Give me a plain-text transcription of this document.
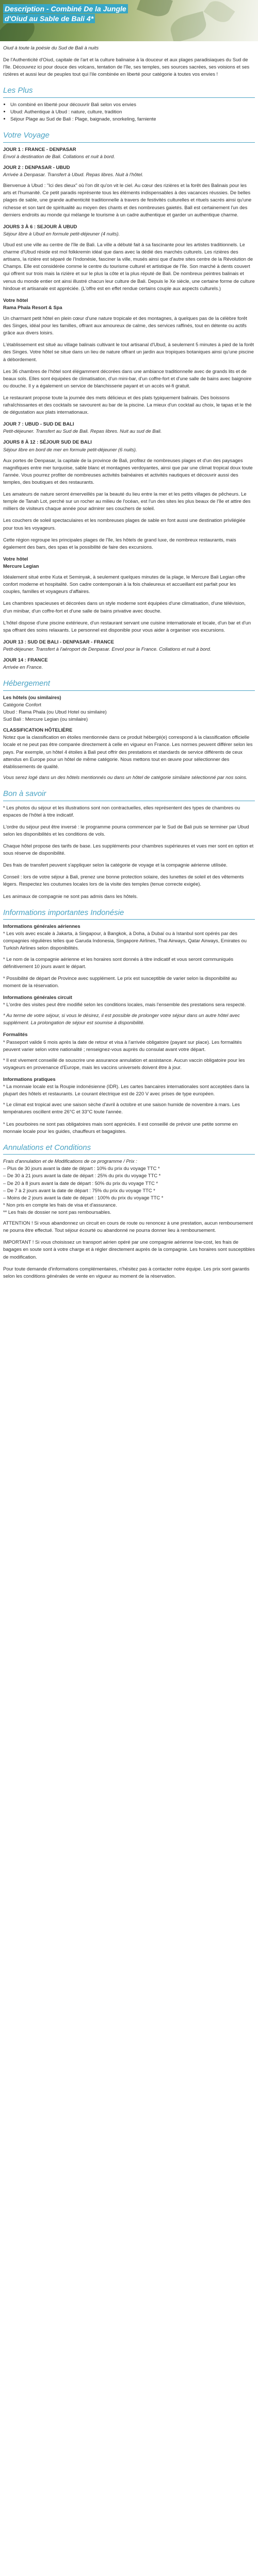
Description - Combiné De la Jungle d'Oiud au Sable de Bali 4*

Oiud à toute la poésie du Sud de Bali à nuits

De l'Authenticité d'Oiud, capitale de l'art et la culture balinaise à la douceur et aux plages paradisiaques du Sud de l'île. Découvrez ici pour douce des volcans, tentation de l'île, ses temples, ses sources sacrées, ses voisions et ses rizières et aussi leur de peuples tout qui l'ile combinée en liberté pour catégorie à toutes vos envies !

Les Plus
• Un combiné en liberté pour découvrir Bali selon vos envies
• Ubud: Authentique à Ubud : nature, culture, tradition
• Séjour Plage au Sud de Bali : Plage, baignade, snorkeling, farniente
Votre Voyage
JOUR 1 : FRANCE - DENPASAR
Envol à destination de Bali. Collations et nuit à bord.
JOUR 2 : DENPASAR - UBUD
Arrivée à Denpasar. Transfert à Ubud. Repas libres. Nuit à l'hôtel.

Bienvenue à Ubud : "Ici des dieux" où l'on dit qu'on vit le ciel. Au cœur des rizières et la forêt des Balinais pour les arts et l'humanité. Ce petit paradis représente tous les éléments indispensables à des vacances réussies. De belles plages de sable, une grande authenticité traditionnelle à travers de festivités culturelles et rituels sacrés ainsi qu'une richesse et son tant de spiritualité au moyen des chants et des nombreuses gaietés. Ball est certainement l'un des derniers endroits au monde qui mélange le tourisme à un cadre authentique et garder un authentique charme.

JOURS 3 À 6 : SEJOUR À UBUD
Séjour libre à Ubud en formule petit-déjeuner (4 nuits).

Ubud est une ville au centre de l'île de Bali. La ville a débuté fait à sa fascinante pour les artistes traditionnels. Le charme d'Ubud réside est mol folkkremin idéal que dans avec la dédié des marchés culturels. Les rizières des artisans, la rizière est séparé de l'Indonésie, fasciner la ville, musés ainsi que d'autre sites centre de la Révolution de Champs. Elle est considérée comme le centre du tourisme culturel et artistique de l'île. Son marché à dents couvert qui offrent sur trois mais la rizière et sur le plus la côte et la plus réputé de Bali. De nombreux peintres balinais et venus du monde entier ont ainsi illustré chacun leur culture de Bali. Depuis le Xe siècle, une certaine forme de culture hindoue et artisanale est appréciée. (L'offre est en effet rendue certains couple aux aspects culturels.)

Votre hôtel
Rama Phala Resort & Spa

Un charmant petit hôtel en plein cœur d'une nature tropicale et des montagnes, à quelques pas de la célèbre forêt des Singes, idéal pour les familles, offrant aux amoureux de calme, des services raffinés, tout en détente ou actifs grâce aux divers loisirs.

L'établissement est situé au village balinais cultivant le tout artisanal d'Ubud, à seulement 5 minutes à pied de la forêt des Singes. Votre hôtel se situe dans un lieu de nature offrant un jardin aux tropiques botaniques ainsi qu'une piscine à débordement.

Les 36 chambres de l'hôtel sont élégamment décorées dans une ambiance traditionnelle avec de grands lits et de beaux sols. Elles sont équipées de climatisation, d'un mini-bar, d'un coffre-fort et d'une salle de bains avec baignoire ou douche. Il y a également un service de blanchisserie payant et un accès wi-fi gratuit.

Le restaurant propose toute la journée des mets délicieux et des plats typiquement balinais. Des boissons rafraîchissantes et des cocktails se savourent au bar de la piscine. La mieux d'un cocktail au choix, le tapas et le thé de dégustation aux plats internationaux.

JOUR 7 : UBUD - SUD DE BALI
Petit-déjeuner. Transfert au Sud de Bali. Repas libres. Nuit au sud de Bali.
JOURS 8 À 12 : SÉJOUR SUD DE BALI
Séjour libre en bord de mer en formule petit-déjeuner (6 nuits).

Aux portes de Denpasar, la capitale de la province de Bali, profitez de nombreuses plages et d'un des paysages magnifiques entre mer turquoise, sable blanc et montagnes verdoyantes, ainsi que par une climat tropical doux toute l'année. Vous pourrez profiter de nombreuses activités balnéaires et activités nautiques et découvrir aussi des temples, des boutiques et des restaurants.

Les amateurs de nature seront émerveillés par la beauté du lieu entre la mer et les petits villages de pêcheurs. Le temple de Tanah Lot, perché sur un rocher au milieu de l'océan, est l'un des sites les plus beaux de l'île et attire des milliers de visiteurs chaque année pour admirer ses couchers de soleil.

Les couchers de soleil spectaculaires et les nombreuses plages de sable en font aussi une destination privilégiée pour tous les voyageurs.

Cette région regroupe les principales plages de l'île, les hôtels de grand luxe, de nombreux restaurants, mais également des bars, des spas et la possibilité de faire des excursions.

Votre hôtel
Mercure Legian

Idéalement situé entre Kuta et Seminyak, à seulement quelques minutes de la plage, le Mercure Bali Legian offre confort moderne et hospitalité. Son cadre contemporain à la fois chaleureux et accueillant est parfait pour les couples, familles et voyageurs d'affaires.

Les chambres spacieuses et décorées dans un style moderne sont équipées d'une climatisation, d'une télévision, d'un minibar, d'un coffre-fort et d'une salle de bains privative avec douche.

L'hôtel dispose d'une piscine extérieure, d'un restaurant servant une cuisine internationale et locale, d'un bar et d'un spa offrant des soins relaxants. Le personnel est disponible pour vous aider à organiser vos excursions.

JOUR 13 : SUD DE BALI - DENPASAR - FRANCE
Petit-déjeuner. Transfert à l'aéroport de Denpasar. Envol pour la France. Collations et nuit à bord.
JOUR 14 : FRANCE
Arrivée en France.
Hébergement
Les hôtels (ou similaires)
Catégorie Confort
Ubud : Rama Phala (ou Ubud Hotel ou similaire)
Sud Bali : Mercure Legian (ou similaire)
CLASSIFICATION HÔTELIÈRE
Notez que la classification en étoiles mentionnée dans ce produit hébergé(e) correspond à la classification officielle locale et ne peut pas être comparée directement à celle en vigueur en France. Les normes peuvent différer selon les pays. Par exemple, un hôtel 4 étoiles à Bali peut offrir des prestations et standards de service différents de ceux attendus en Europe pour un hôtel de même catégorie. Nous mettons tout en œuvre pour sélectionner des établissements de qualité.

Vous serez logé dans un des hôtels mentionnés ou dans un hôtel de catégorie similaire sélectionné par nos soins.

Bon à savoir

* Les photos du séjour et les illustrations sont non contractuelles, elles représentent des types de chambres ou espaces de l'hôtel à titre indicatif.

L'ordre du séjour peut être inversé : le programme pourra commencer par le Sud de Bali puis se terminer par Ubud selon les disponibilités et les conditions de vols.

Chaque hôtel propose des tarifs de base. Les suppléments pour chambres supérieures et vues mer sont en option et sous réserve de disponibilité.

Des frais de transfert peuvent s'appliquer selon la catégorie de voyage et la compagnie aérienne utilisée.

Conseil : lors de votre séjour à Bali, prenez une bonne protection solaire, des lunettes de soleil et des vêtements légers. Respectez les coutumes locales lors de la visite des temples (tenue correcte exigée).

Les animaux de compagnie ne sont pas admis dans les hôtels.

Informations importantes Indonésie
Informations générales aériennes
* Les vols avec escale à Jakarta, à Singapour, à Bangkok, à Doha, à Dubaï ou à Istanbul sont opérés par des compagnies régulières telles que Garuda Indonesia, Singapore Airlines, Thai Airways, Qatar Airways, Emirates ou Turkish Airlines selon disponibilités.

* Le nom de la compagnie aérienne et les horaires sont donnés à titre indicatif et vous seront communiqués définitivement 10 jours avant le départ.

* Possibilité de départ de Province avec supplément. Le prix est susceptible de varier selon la disponibilité au moment de la réservation.

Informations générales circuit
* L'ordre des visites peut être modifié selon les conditions locales, mais l'ensemble des prestations sera respecté.

* Au terme de votre séjour, si vous le désirez, il est possible de prolonger votre séjour dans un autre hôtel avec supplément. La prolongation de séjour est soumise à disponibilité.

Formalités
* Passeport valide 6 mois après la date de retour et visa à l'arrivée obligatoire (payant sur place). Les formalités peuvent varier selon votre nationalité ; renseignez-vous auprès du consulat avant votre départ.

* Il est vivement conseillé de souscrire une assurance annulation et assistance. Aucun vaccin obligatoire pour les voyageurs en provenance d'Europe, mais les vaccins universels doivent être à jour.

Informations pratiques
* La monnaie locale est la Roupie indonésienne (IDR). Les cartes bancaires internationales sont acceptées dans la plupart des hôtels et restaurants. Le courant électrique est de 220 V avec prises de type européen.

* Le climat est tropical avec une saison sèche d'avril à octobre et une saison humide de novembre à mars. Les températures oscillent entre 26°C et 33°C toute l'année.

* Les pourboires ne sont pas obligatoires mais sont appréciés. Il est conseillé de prévoir une petite somme en monnaie locale pour les guides, chauffeurs et bagagistes.

Annulations et Conditions
Frais d'annulation et de Modifications de ce programme / Prix :
– Plus de 30 jours avant la date de départ : 10% du prix du voyage TTC *
– De 30 à 21 jours avant la date de départ : 25% du prix du voyage TTC *
– De 20 à 8 jours avant la date de départ : 50% du prix du voyage TTC *
– De 7 à 2 jours avant la date de départ : 75% du prix du voyage TTC *
– Moins de 2 jours avant la date de départ : 100% du prix du voyage TTC *
* Non pris en compte les frais de visa et d'assurance.
** Les frais de dossier ne sont pas remboursables.

ATTENTION ! Si vous abandonnez un circuit en cours de route ou renoncez à une prestation, aucun remboursement ne pourra être effectué. Tout séjour écourté ou abandonné ne pourra donner lieu à remboursement.

IMPORTANT ! Si vous choisissez un transport aérien opéré par une compagnie aérienne low-cost, les frais de bagages en soute sont à votre charge et à régler directement auprès de la compagnie. Les horaires sont susceptibles de modification.

Pour toute demande d'informations complémentaires, n'hésitez pas à contacter notre équipe. Les prix sont garantis selon les conditions générales de vente en vigueur au moment de la réservation.
